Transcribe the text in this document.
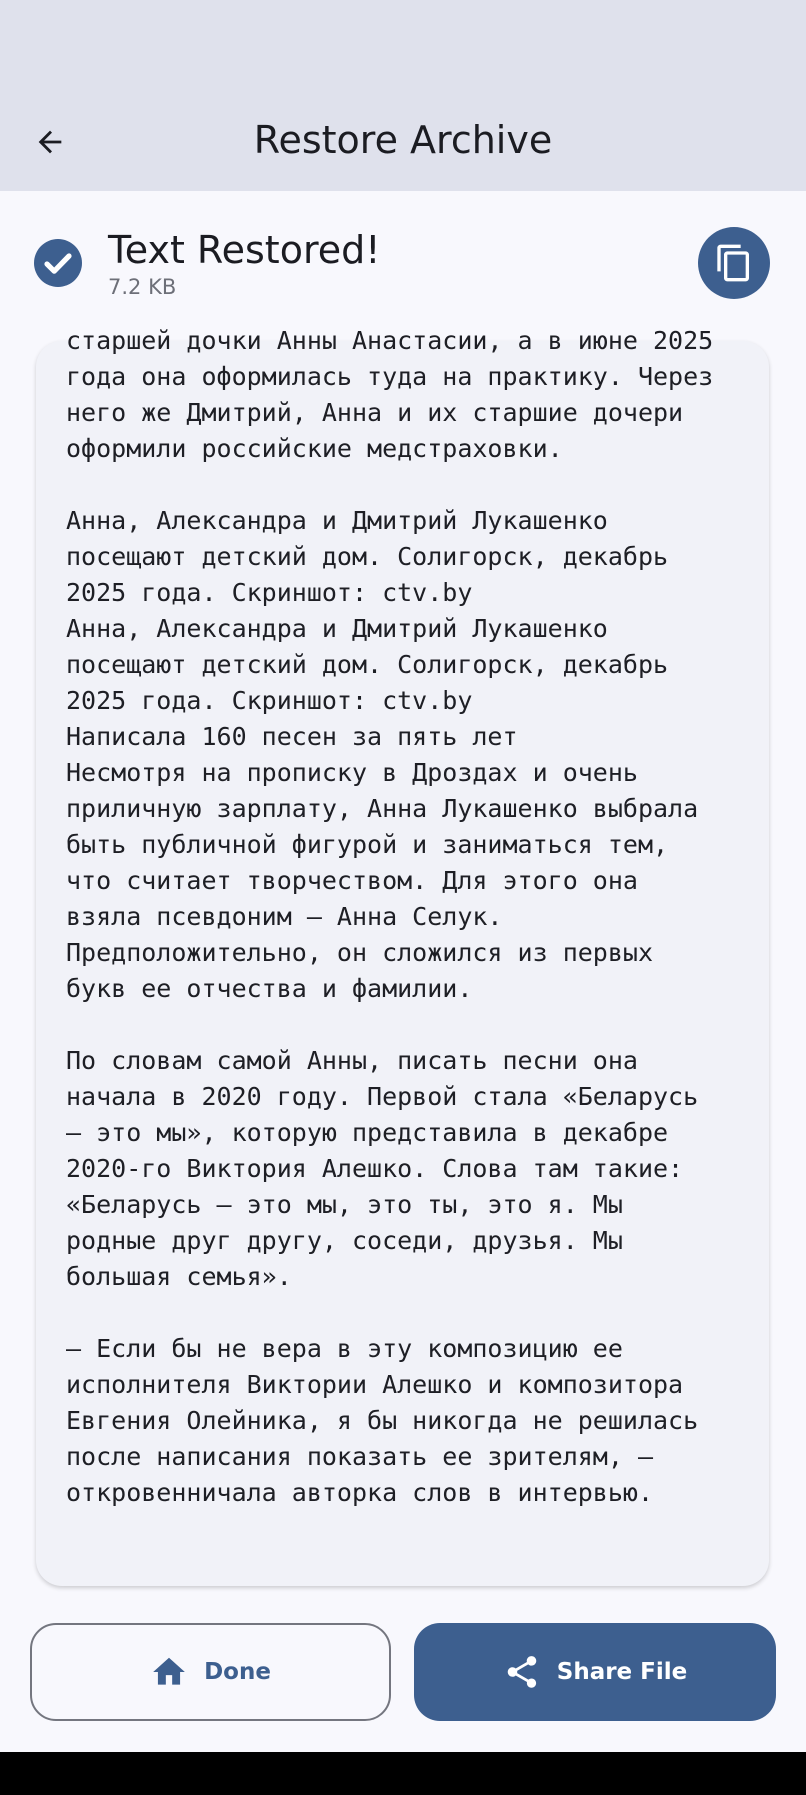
Restore Archive
Text Restored!
7.2 KB
старшей дочки Анны Анастасии, а в июне 2025
года она оформилась туда на практику. Через
него же Дмитрий, Анна и их старшие дочери
оформили российские медстраховки.

Анна, Александра и Дмитрий Лукашенко
посещают детский дом. Солигорск, декабрь
2025 года. Скриншот: ctv.by
Анна, Александра и Дмитрий Лукашенко
посещают детский дом. Солигорск, декабрь
2025 года. Скриншот: ctv.by
Написала 160 песен за пять лет
Несмотря на прописку в Дроздах и очень
приличную зарплату, Анна Лукашенко выбрала
быть публичной фигурой и заниматься тем,
что считает творчеством. Для этого она
взяла псевдоним — Анна Селук.
Предположительно, он сложился из первых
букв ее отчества и фамилии.

По словам самой Анны, писать песни она
начала в 2020 году. Первой стала «Беларусь
— это мы», которую представила в декабре
2020-го Виктория Алешко. Слова там такие:
«Беларусь — это мы, это ты, это я. Мы
родные друг другу, соседи, друзья. Мы
большая семья».

— Если бы не вера в эту композицию ее
исполнителя Виктории Алешко и композитора
Евгения Олейника, я бы никогда не решилась
после написания показать ее зрителям, —
откровенничала авторка слов в интервью.
Done	Share File
